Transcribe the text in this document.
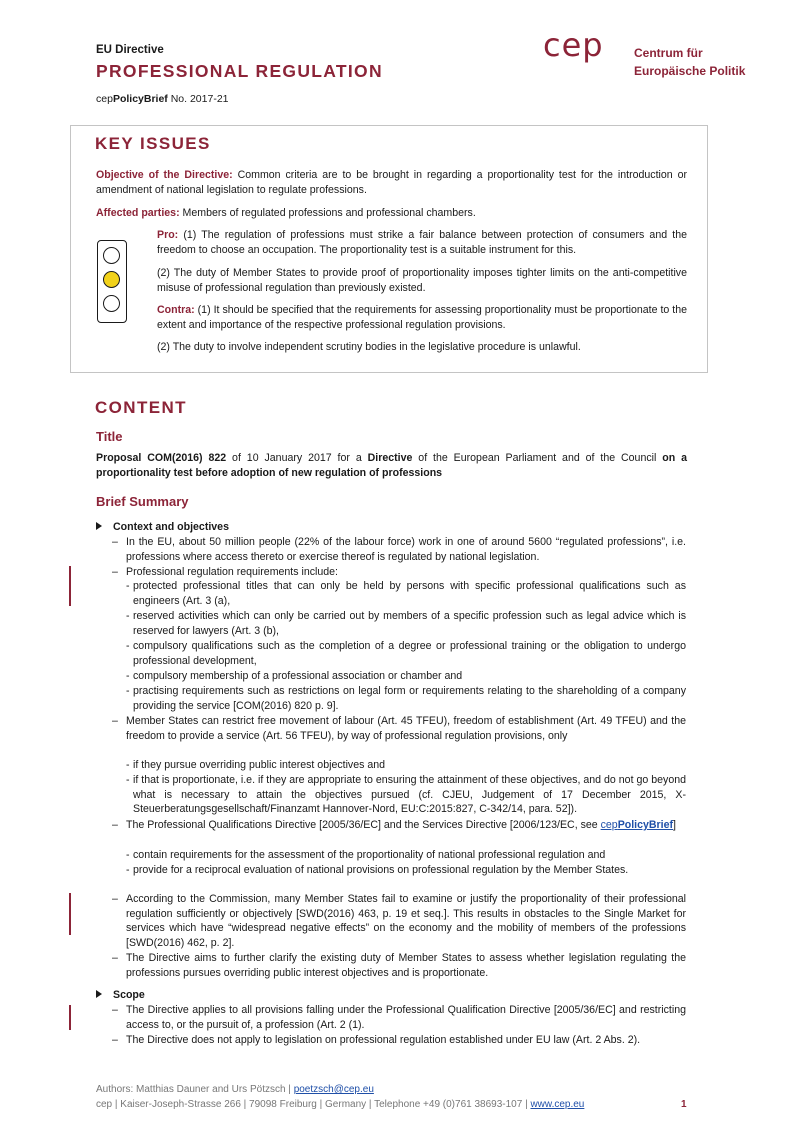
EU Directive
PROFESSIONAL REGULATION
cepPolicyBrief No. 2017-21
cep	Centrum für
Europäische Politik
KEY ISSUES
Objective of the Directive: Common criteria are to be brought in regarding a proportionality test for the introduction or amendment of national legislation to regulate professions.
Affected parties: Members of regulated professions and professional chambers.
Pro: (1) The regulation of professions must strike a fair balance between protection of consumers and the freedom to choose an occupation. The proportionality test is a suitable instrument for this.
(2) The duty of Member States to provide proof of proportionality imposes tighter limits on the anti-competitive misuse of professional regulation than previously existed.
Contra: (1) It should be specified that the requirements for assessing proportionality must be proportionate to the extent and importance of the respective professional regulation provisions.
(2) The duty to involve independent scrutiny bodies in the legislative procedure is unlawful.
CONTENT
Title
Proposal COM(2016) 822 of 10 January 2017 for a Directive of the European Parliament and of the Council on a proportionality test before adoption of new regulation of professions
Brief Summary
Context and objectives
– In the EU, about 50 million people (22% of the labour force) work in one of around 5600 “regulated professions”, i.e. professions where access thereto or exercise thereof is regulated by national legislation.
– Professional regulation requirements include:
- protected professional titles that can only be held by persons with specific professional qualifications such as engineers (Art. 3 (a),
- reserved activities which can only be carried out by members of a specific profession such as legal advice which is reserved for lawyers (Art. 3 (b),
- compulsory qualifications such as the completion of a degree or professional training or the obligation to undergo professional development,
- compulsory membership of a professional association or chamber and
- practising requirements such as restrictions on legal form or requirements relating to the shareholding of a company providing the service [COM(2016) 820 p. 9].
– Member States can restrict free movement of labour (Art. 45 TFEU), freedom of establishment (Art. 49 TFEU) and the freedom to provide a service (Art. 56 TFEU), by way of professional regulation provisions, only
- if they pursue overriding public interest objectives and
- if that is proportionate, i.e. if they are appropriate to ensuring the attainment of these objectives, and do not go beyond what is necessary to attain the objectives pursued (cf. CJEU, Judgement of 17 December 2015, X-Steuerberatungsgesellschaft/Finanzamt Hannover-Nord, EU:C:2015:827, C-342/14, para. 52]).
– The Professional Qualifications Directive [2005/36/EC] and the Services Directive [2006/123/EC, see cepPolicyBrief]
- contain requirements for the assessment of the proportionality of national professional regulation and
- provide for a reciprocal evaluation of national provisions on professional regulation by the Member States.
– According to the Commission, many Member States fail to examine or justify the proportionality of their professional regulation sufficiently or objectively [SWD(2016) 463, p. 19 et seq.]. This results in obstacles to the Single Market for services which have “widespread negative effects” on the economy and the mobility of members of the professions [SWD(2016) 462, p. 2].
– The Directive aims to further clarify the existing duty of Member States to assess whether legislation regulating the professions pursues overriding public interest objectives and is proportionate.
Scope
– The Directive applies to all provisions falling under the Professional Qualification Directive [2005/36/EC] and restricting access to, or the pursuit of, a profession (Art. 2 (1).
– The Directive does not apply to legislation on professional regulation established under EU law (Art. 2 Abs. 2).
Authors: Matthias Dauner and Urs Pötzsch | poetzsch@cep.eu
cep | Kaiser-Joseph-Strasse 266 | 79098 Freiburg | Germany | Telephone +49 (0)761 38693-107 | www.cep.eu	1
